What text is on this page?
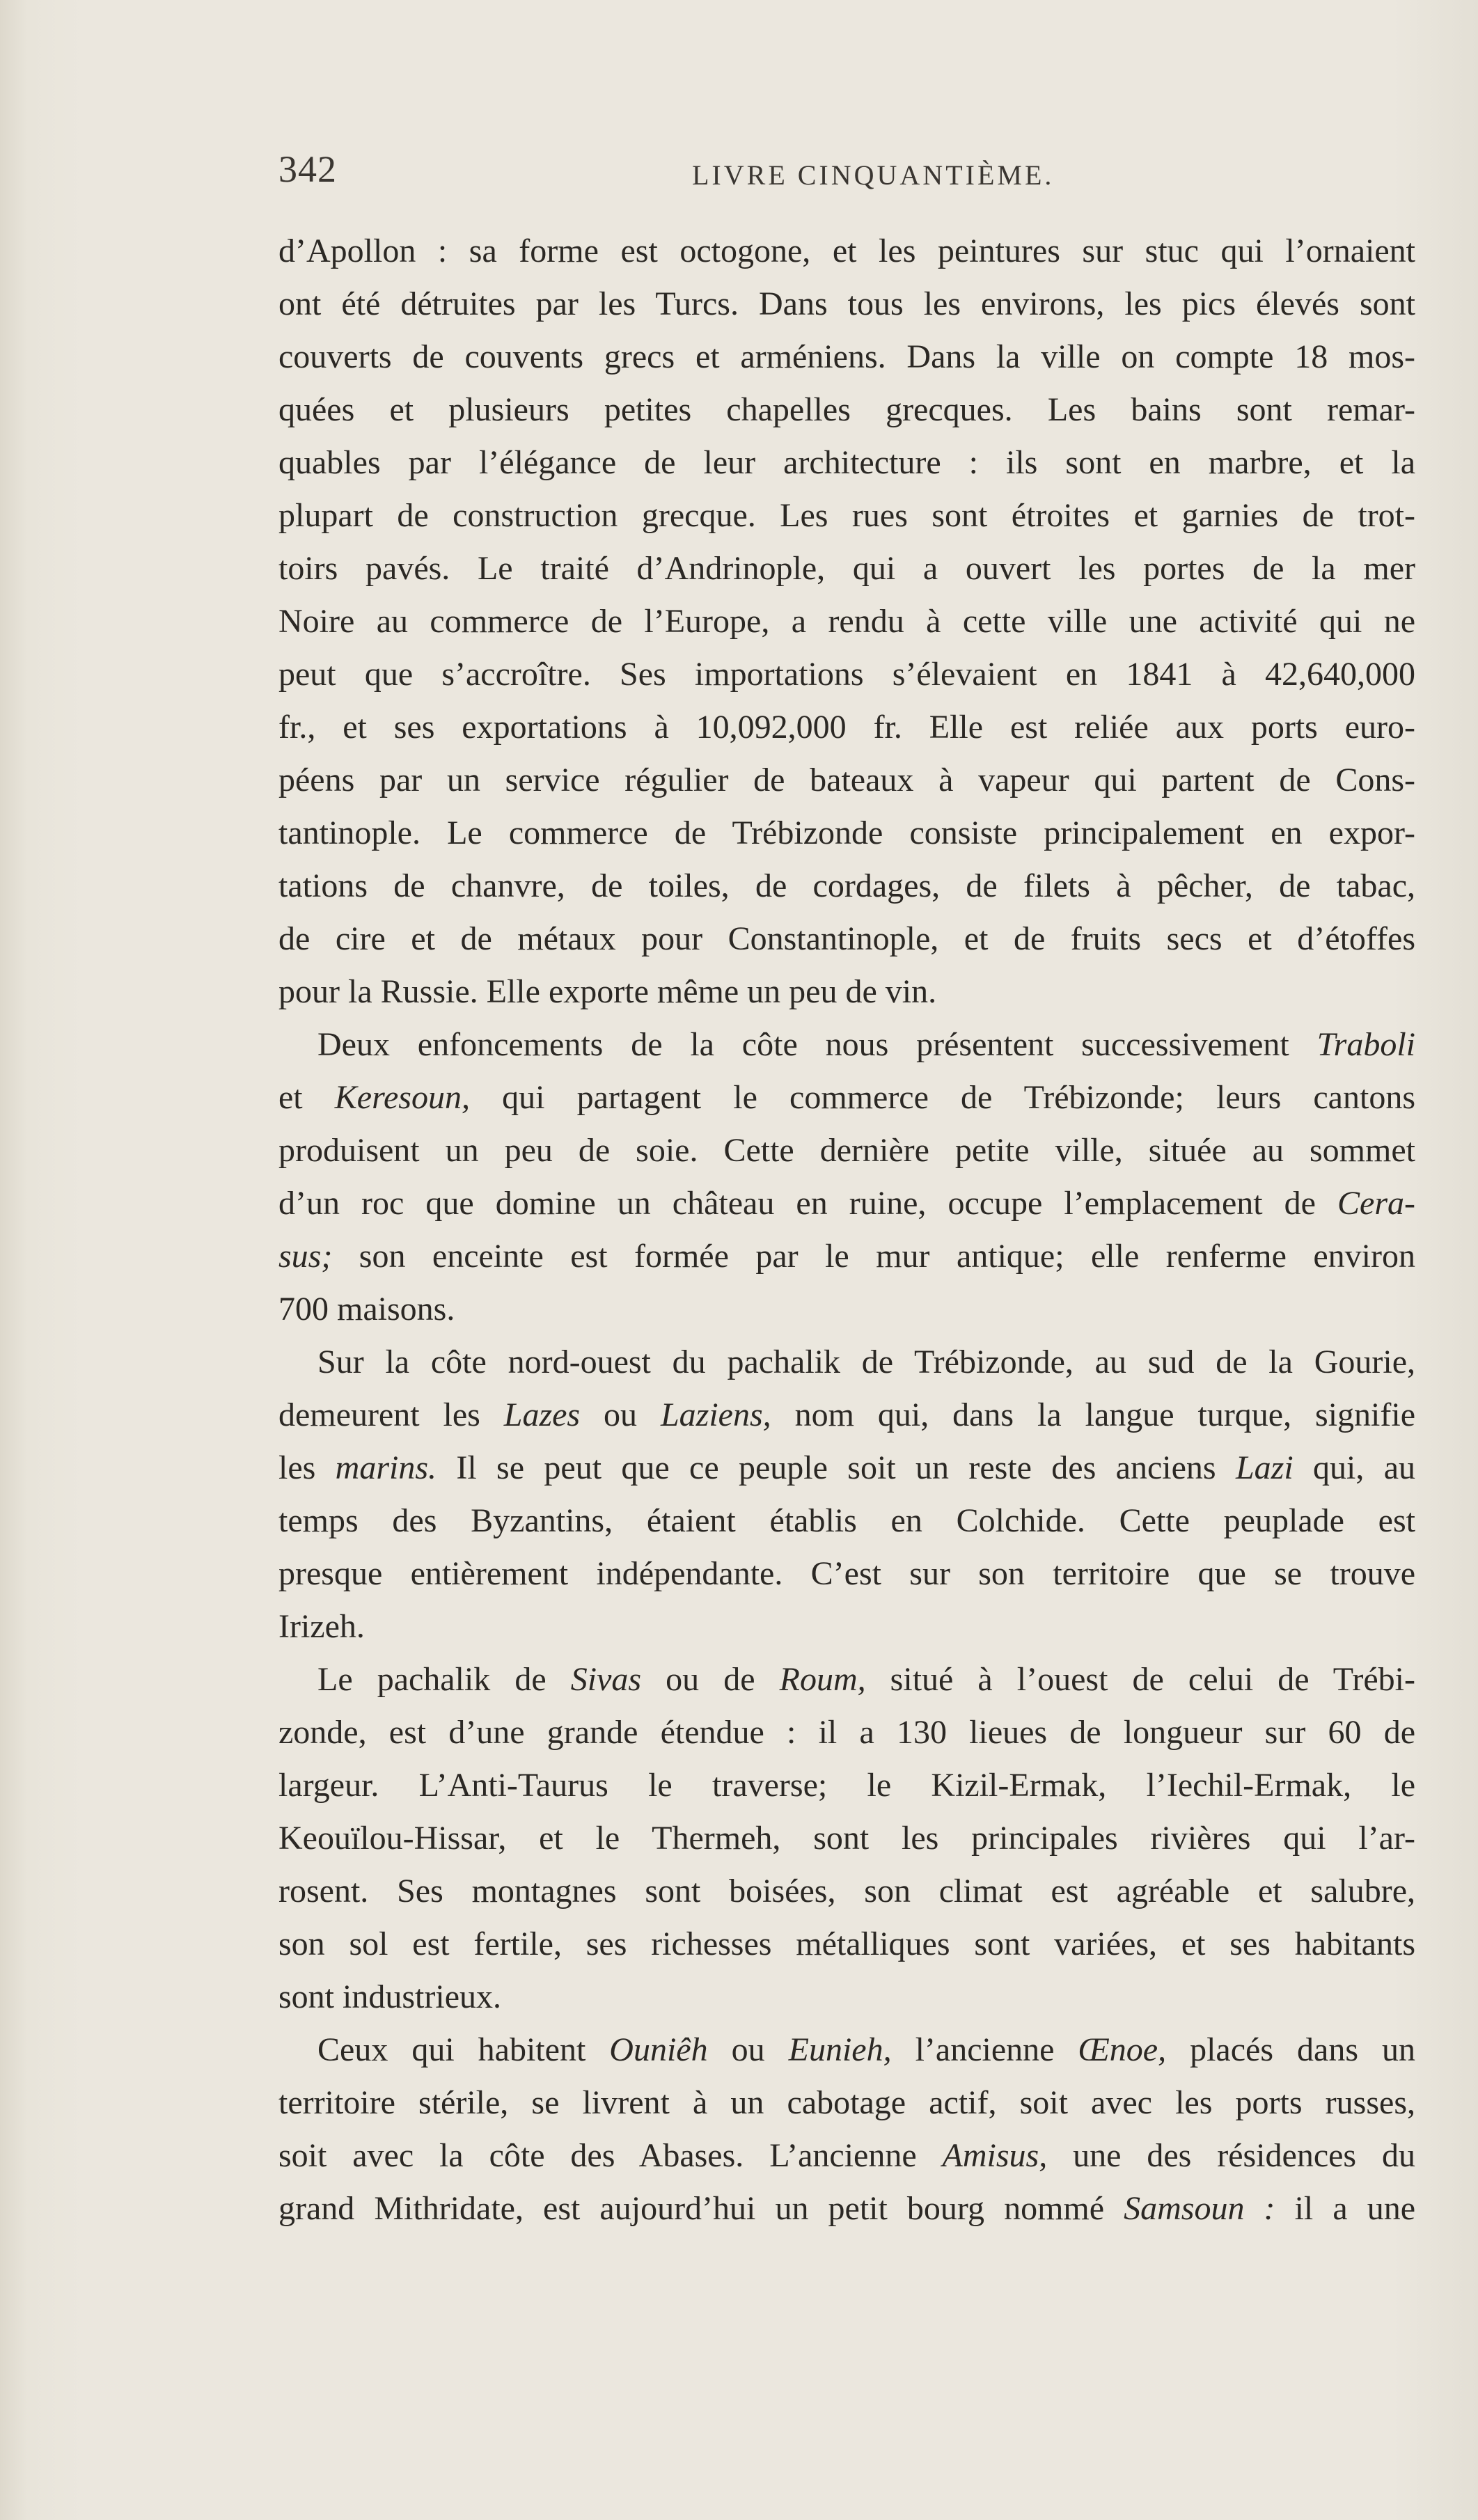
342	LIVRE CINQUANTIÈME.
d’Apollon : sa forme est octogone, et les peintures sur stuc qui l’ornaient
ont été détruites par les Turcs. Dans tous les environs, les pics élevés sont
couverts de couvents grecs et arméniens. Dans la ville on compte 18 mos-
quées et plusieurs petites chapelles grecques. Les bains sont remar-
quables par l’élégance de leur architecture : ils sont en marbre, et la
plupart de construction grecque. Les rues sont étroites et garnies de trot-
toirs pavés. Le traité d’Andrinople, qui a ouvert les portes de la mer
Noire au commerce de l’Europe, a rendu à cette ville une activité qui ne
peut que s’accroître. Ses importations s’élevaient en 1841 à 42,640,000
fr., et ses exportations à 10,092,000 fr. Elle est reliée aux ports euro-
péens par un service régulier de bateaux à vapeur qui partent de Cons-
tantinople. Le commerce de Trébizonde consiste principalement en expor-
tations de chanvre, de toiles, de cordages, de filets à pêcher, de tabac,
de cire et de métaux pour Constantinople, et de fruits secs et d’étoffes
pour la Russie. Elle exporte même un peu de vin.
Deux enfoncements de la côte nous présentent successivement Traboli
et Keresoun, qui partagent le commerce de Trébizonde; leurs cantons
produisent un peu de soie. Cette dernière petite ville, située au sommet
d’un roc que domine un château en ruine, occupe l’emplacement de Cera-
sus; son enceinte est formée par le mur antique; elle renferme environ
700 maisons.
Sur la côte nord-ouest du pachalik de Trébizonde, au sud de la Gourie,
demeurent les Lazes ou Laziens, nom qui, dans la langue turque, signifie
les marins. Il se peut que ce peuple soit un reste des anciens Lazi qui, au
temps des Byzantins, étaient établis en Colchide. Cette peuplade est
presque entièrement indépendante. C’est sur son territoire que se trouve
Irizeh.
Le pachalik de Sivas ou de Roum, situé à l’ouest de celui de Trébi-
zonde, est d’une grande étendue : il a 130 lieues de longueur sur 60 de
largeur. L’Anti-Taurus le traverse; le Kizil-Ermak, l’Iechil-Ermak, le
Keouïlou-Hissar, et le Thermeh, sont les principales rivières qui l’ar-
rosent. Ses montagnes sont boisées, son climat est agréable et salubre,
son sol est fertile, ses richesses métalliques sont variées, et ses habitants
sont industrieux.
Ceux qui habitent Ouniêh ou Eunieh, l’ancienne Œnoe, placés dans un
territoire stérile, se livrent à un cabotage actif, soit avec les ports russes,
soit avec la côte des Abases. L’ancienne Amisus, une des résidences du
grand Mithridate, est aujourd’hui un petit bourg nommé Samsoun : il a une
